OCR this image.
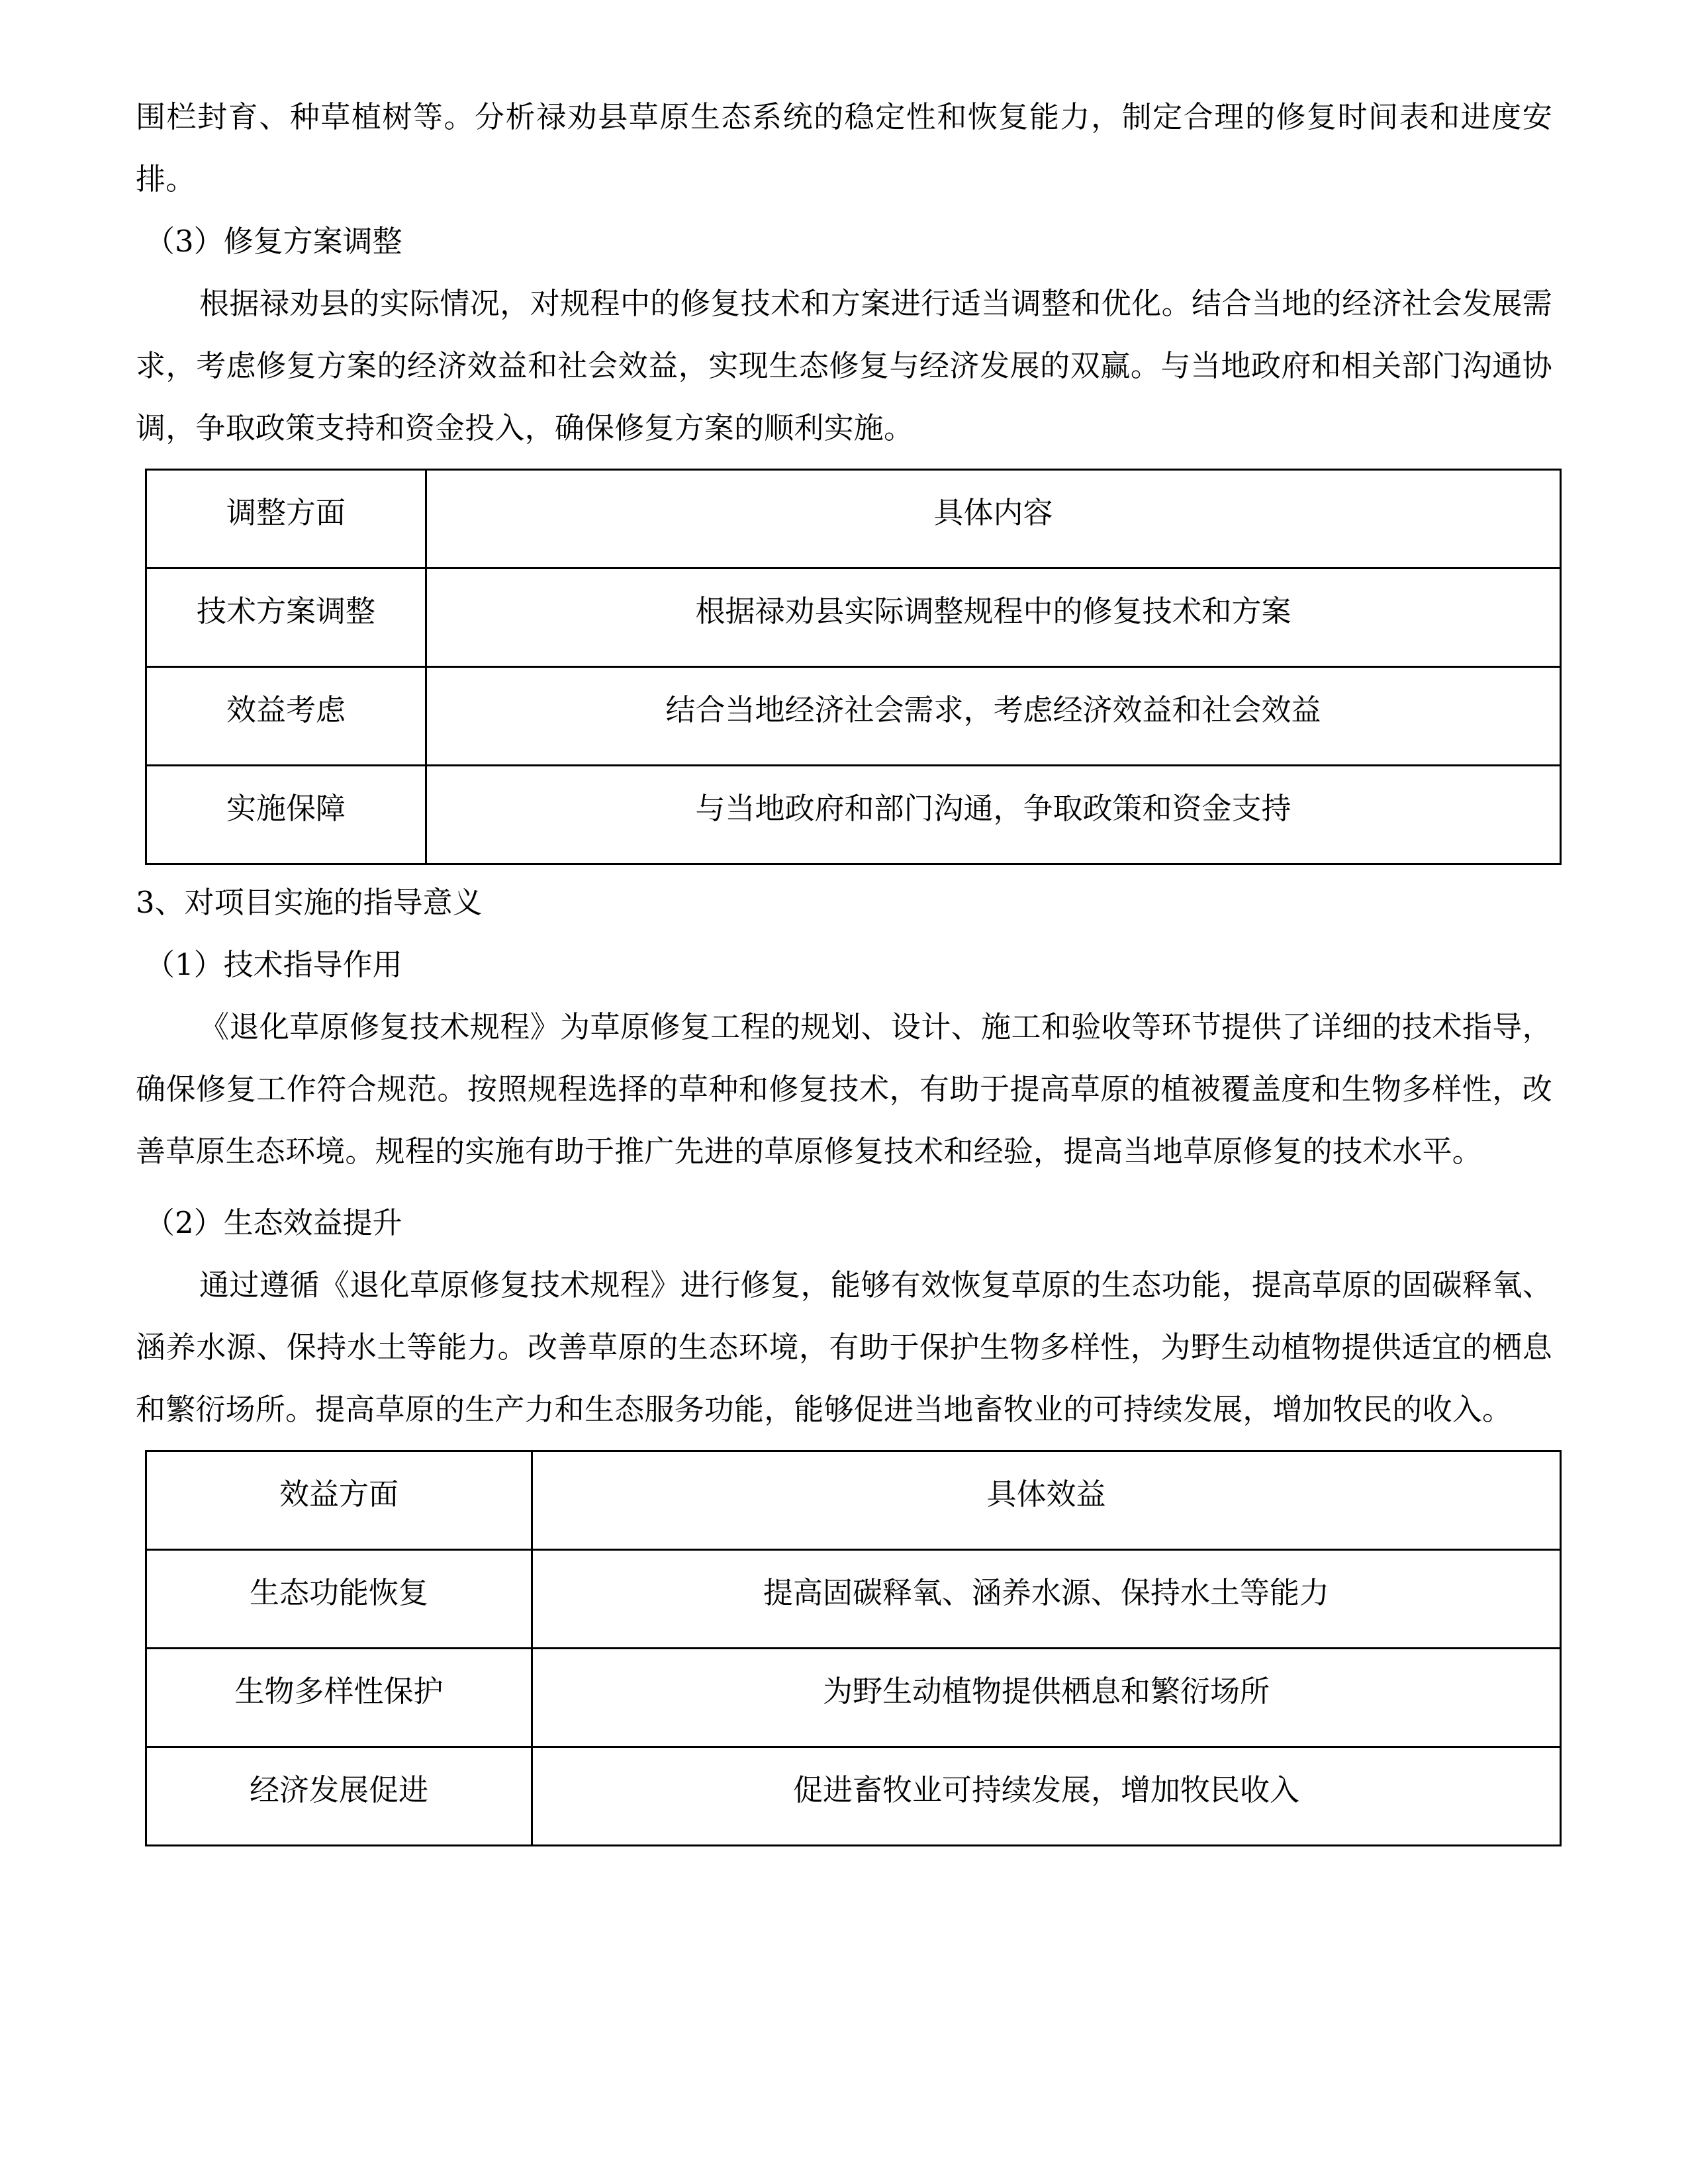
围栏封育、种草植树等。分析禄劝县草原生态系统的稳定性和恢复能力，制定合理的修复时间表和进度安排。

（3）修复方案调整

根据禄劝县的实际情况，对规程中的修复技术和方案进行适当调整和优化。结合当地的经济社会发展需求，考虑修复方案的经济效益和社会效益，实现生态修复与经济发展的双赢。与当地政府和相关部门沟通协调，争取政策支持和资金投入，确保修复方案的顺利实施。

调整方面	具体内容
技术方案调整	根据禄劝县实际调整规程中的修复技术和方案
效益考虑	结合当地经济社会需求，考虑经济效益和社会效益
实施保障	与当地政府和部门沟通，争取政策和资金支持

3、对项目实施的指导意义

（1）技术指导作用

《退化草原修复技术规程》为草原修复工程的规划、设计、施工和验收等环节提供了详细的技术指导，确保修复工作符合规范。按照规程选择的草种和修复技术，有助于提高草原的植被覆盖度和生物多样性，改善草原生态环境。规程的实施有助于推广先进的草原修复技术和经验，提高当地草原修复的技术水平。

（2）生态效益提升

通过遵循《退化草原修复技术规程》进行修复，能够有效恢复草原的生态功能，提高草原的固碳释氧、涵养水源、保持水土等能力。改善草原的生态环境，有助于保护生物多样性，为野生动植物提供适宜的栖息和繁衍场所。提高草原的生产力和生态服务功能，能够促进当地畜牧业的可持续发展，增加牧民的收入。

效益方面	具体效益
生态功能恢复	提高固碳释氧、涵养水源、保持水土等能力
生物多样性保护	为野生动植物提供栖息和繁衍场所
经济发展促进	促进畜牧业可持续发展，增加牧民收入
